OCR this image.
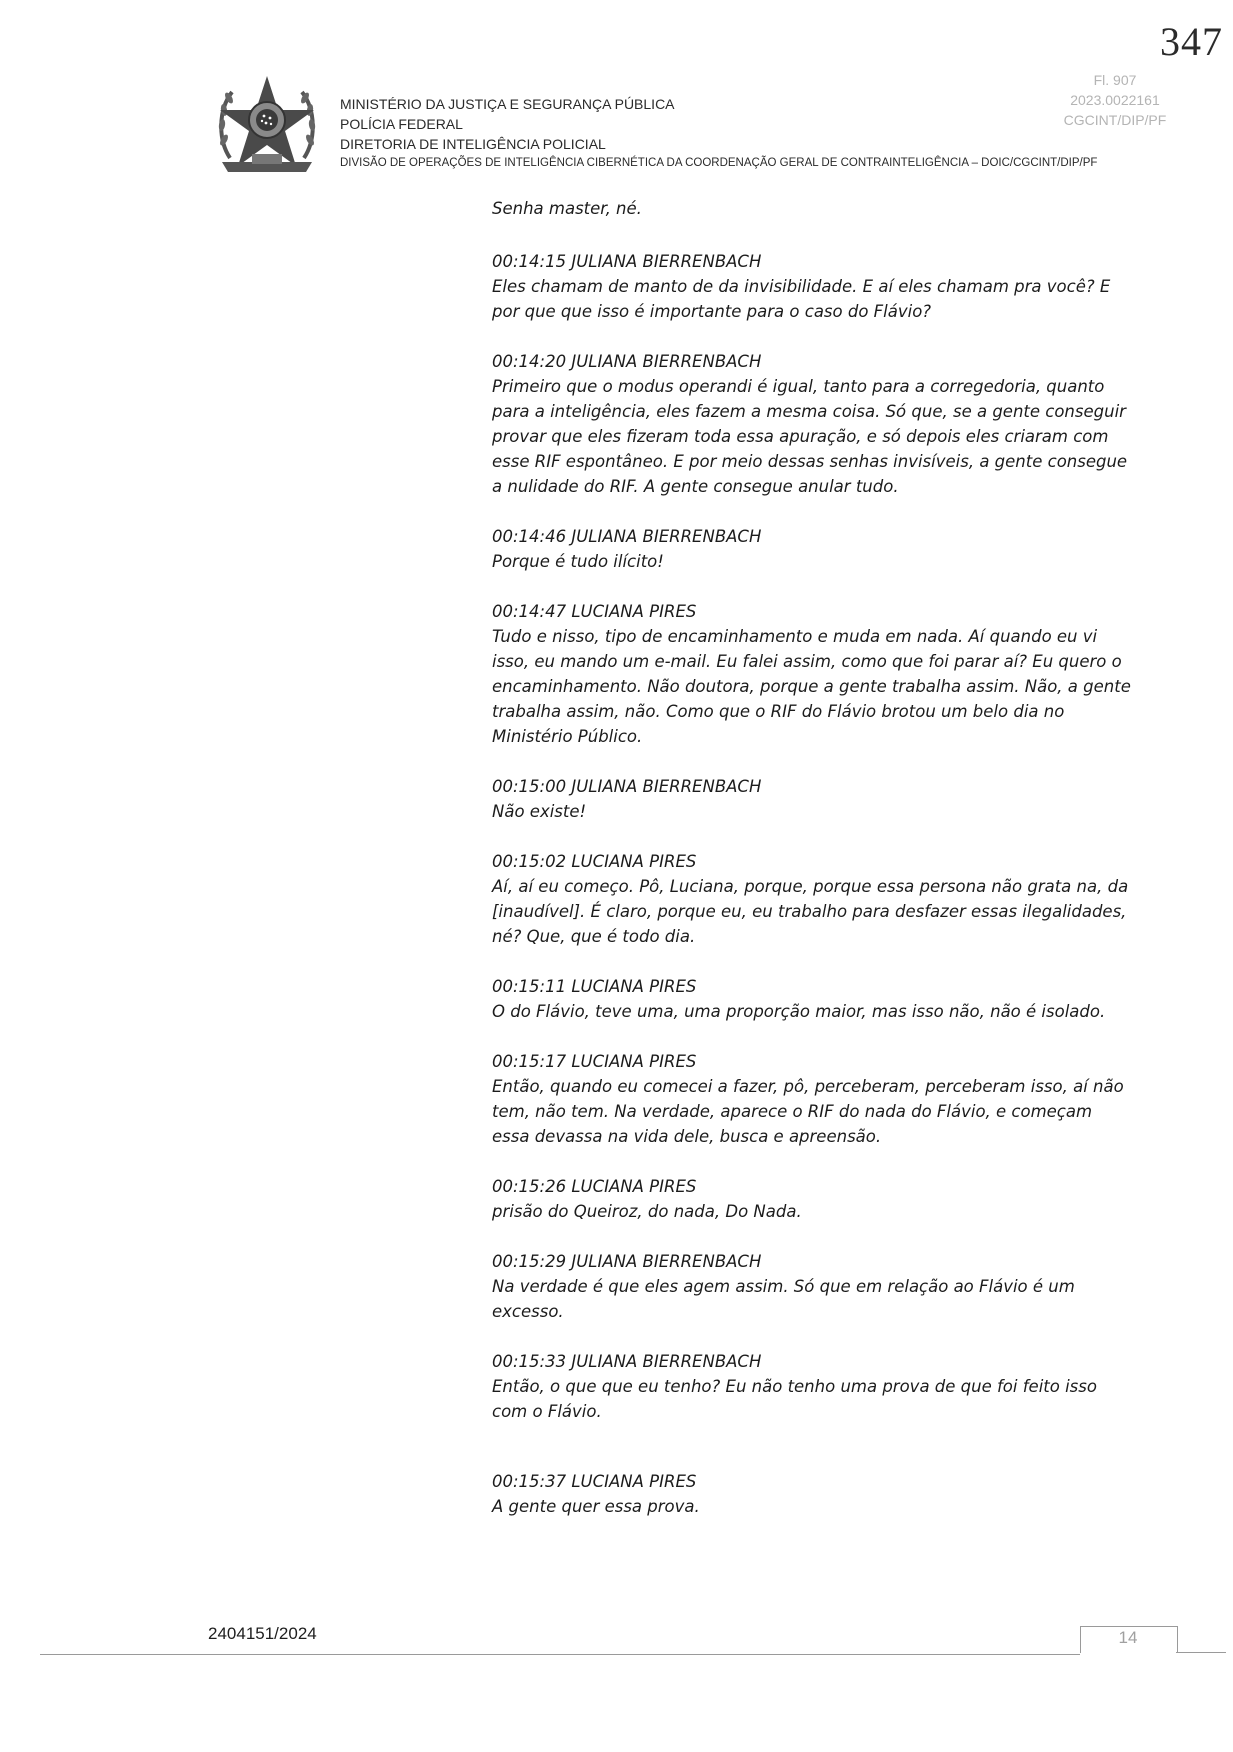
347
Fl. 907
2023.0022161
CGCINT/DIP/PF
MINISTÉRIO DA JUSTIÇA E SEGURANÇA PÚBLICA
POLÍCIA FEDERAL
DIRETORIA DE INTELIGÊNCIA POLICIAL
DIVISÃO DE OPERAÇÕES DE INTELIGÊNCIA CIBERNÉTICA DA COORDENAÇÃO GERAL DE CONTRAINTELIGÊNCIA – DOIC/CGCINT/DIP/PF

Senha master, né.

00:14:15 JULIANA BIERRENBACH

Eles chamam de manto de da invisibilidade. E aí eles chamam pra você? E por que que isso é importante para o caso do Flávio?

00:14:20 JULIANA BIERRENBACH

Primeiro que o modus operandi é igual, tanto para a corregedoria, quanto para a inteligência, eles fazem a mesma coisa. Só que, se a gente conseguir provar que eles fizeram toda essa apuração, e só depois eles criaram com esse RIF espontâneo. E por meio dessas senhas invisíveis, a gente consegue a nulidade do RIF. A gente consegue anular tudo.

00:14:46 JULIANA BIERRENBACH

Porque é tudo ilícito!

00:14:47 LUCIANA PIRES

Tudo e nisso, tipo de encaminhamento e muda em nada. Aí quando eu vi isso, eu mando um e-mail. Eu falei assim, como que foi parar aí? Eu quero o encaminhamento. Não doutora, porque a gente trabalha assim. Não, a gente trabalha assim, não. Como que o RIF do Flávio brotou um belo dia no Ministério Público.

00:15:00 JULIANA BIERRENBACH

Não existe!

00:15:02 LUCIANA PIRES

Aí, aí eu começo. Pô, Luciana, porque, porque essa persona não grata na, da [inaudível]. É claro, porque eu, eu trabalho para desfazer essas ilegalidades, né? Que, que é todo dia.

00:15:11 LUCIANA PIRES

O do Flávio, teve uma, uma proporção maior, mas isso não, não é isolado.

00:15:17 LUCIANA PIRES

Então, quando eu comecei a fazer, pô, perceberam, perceberam isso, aí não tem, não tem. Na verdade, aparece o RIF do nada do Flávio, e começam essa devassa na vida dele, busca e apreensão.

00:15:26 LUCIANA PIRES

prisão do Queiroz, do nada, Do Nada.

00:15:29 JULIANA BIERRENBACH

Na verdade é que eles agem assim. Só que em relação ao Flávio é um excesso.

00:15:33 JULIANA BIERRENBACH

Então, o que que eu tenho? Eu não tenho uma prova de que foi feito isso com o Flávio.

00:15:37 LUCIANA PIRES

A gente quer essa prova.

2404151/2024	14
